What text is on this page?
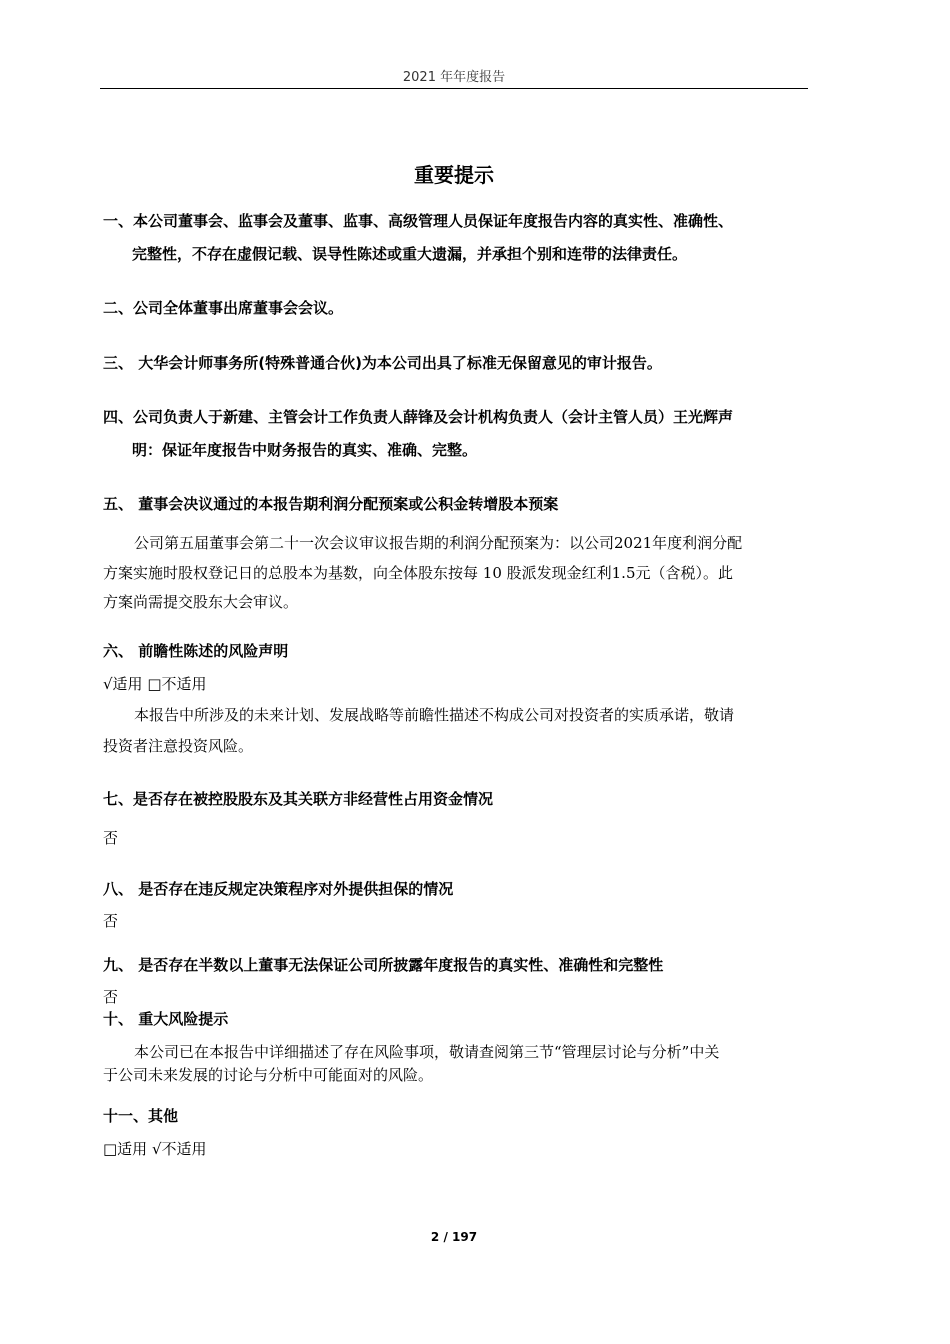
2021 年年度报告
重要提示
一、本公司董事会、监事会及董事、监事、高级管理人员保证年度报告内容的真实性、准确性、
完整性，不存在虚假记载、误导性陈述或重大遗漏，并承担个别和连带的法律责任。
二、公司全体董事出席董事会会议。
三、 大华会计师事务所(特殊普通合伙)为本公司出具了标准无保留意见的审计报告。
四、公司负责人于新建、主管会计工作负责人薛锋及会计机构负责人（会计主管人员）王光辉声
明：保证年度报告中财务报告的真实、准确、完整。
五、 董事会决议通过的本报告期利润分配预案或公积金转增股本预案
公司第五届董事会第二十一次会议审议报告期的利润分配预案为：以公司2021年度利润分配
方案实施时股权登记日的总股本为基数，向全体股东按每 10 股派发现金红利1.5元（含税）。此
方案尚需提交股东大会审议。
六、 前瞻性陈述的风险声明
√适用 □不适用
本报告中所涉及的未来计划、发展战略等前瞻性描述不构成公司对投资者的实质承诺，敬请
投资者注意投资风险。
七、是否存在被控股股东及其关联方非经营性占用资金情况
否
八、 是否存在违反规定决策程序对外提供担保的情况
否
九、 是否存在半数以上董事无法保证公司所披露年度报告的真实性、准确性和完整性
否
十、 重大风险提示
本公司已在本报告中详细描述了存在风险事项，敬请查阅第三节“管理层讨论与分析”中关
于公司未来发展的讨论与分析中可能面对的风险。
十一、其他
□适用 √不适用
2 / 197
